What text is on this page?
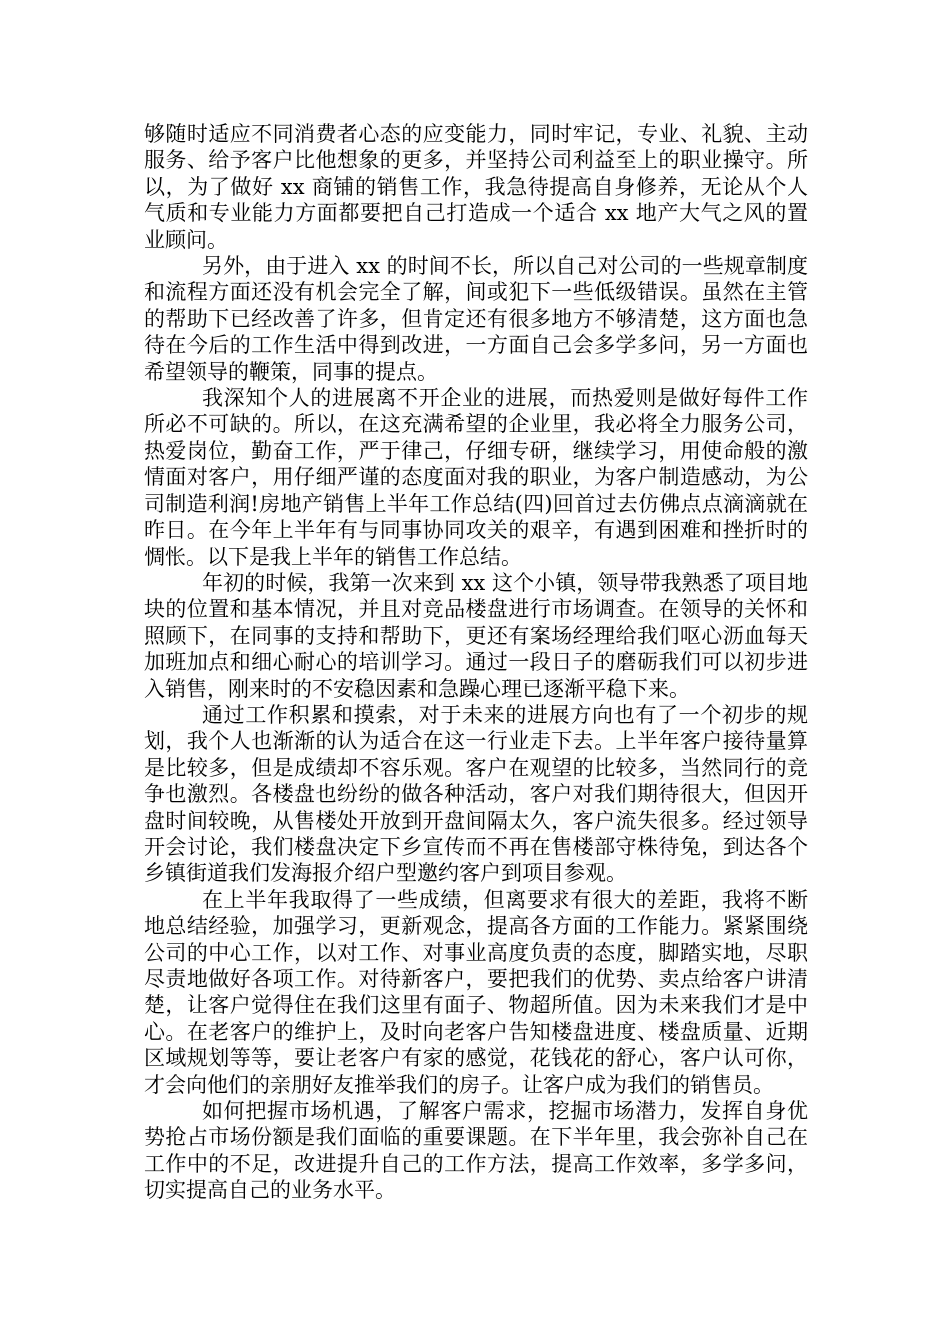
够随时适应不同消费者心态的应变能力，同时牢记，专业、礼貌、主动服务、给予客户比他想象的更多，并坚持公司利益至上的职业操守。所以，为了做好 xx 商铺的销售工作，我急待提高自身修养，无论从个人气质和专业能力方面都要把自己打造成一个适合 xx 地产大气之风的置业顾问。

另外，由于进入 xx 的时间不长，所以自己对公司的一些规章制度和流程方面还没有机会完全了解，间或犯下一些低级错误。虽然在主管的帮助下已经改善了许多，但肯定还有很多地方不够清楚，这方面也急待在今后的工作生活中得到改进，一方面自己会多学多问，另一方面也希望领导的鞭策，同事的提点。

我深知个人的进展离不开企业的进展，而热爱则是做好每件工作所必不可缺的。所以，在这充满希望的企业里，我必将全力服务公司，热爱岗位，勤奋工作，严于律己，仔细专研，继续学习，用使命般的激情面对客户，用仔细严谨的态度面对我的职业，为客户制造感动，为公司制造利润!房地产销售上半年工作总结(四)回首过去仿佛点点滴滴就在昨日。在今年上半年有与同事协同攻关的艰辛，有遇到困难和挫折时的惆怅。以下是我上半年的销售工作总结。

年初的时候，我第一次来到 xx 这个小镇，领导带我熟悉了项目地块的位置和基本情况，并且对竞品楼盘进行市场调查。在领导的关怀和照顾下，在同事的支持和帮助下，更还有案场经理给我们呕心沥血每天加班加点和细心耐心的培训学习。通过一段日子的磨砺我们可以初步进入销售，刚来时的不安稳因素和急躁心理已逐渐平稳下来。

通过工作积累和摸索，对于未来的进展方向也有了一个初步的规划，我个人也渐渐的认为适合在这一行业走下去。上半年客户接待量算是比较多，但是成绩却不容乐观。客户在观望的比较多，当然同行的竞争也激烈。各楼盘也纷纷的做各种活动，客户对我们期待很大，但因开盘时间较晚，从售楼处开放到开盘间隔太久，客户流失很多。经过领导开会讨论，我们楼盘决定下乡宣传而不再在售楼部守株待兔，到达各个乡镇街道我们发海报介绍户型邀约客户到项目参观。

在上半年我取得了一些成绩，但离要求有很大的差距，我将不断地总结经验，加强学习，更新观念，提高各方面的工作能力。紧紧围绕公司的中心工作，以对工作、对事业高度负责的态度，脚踏实地，尽职尽责地做好各项工作。对待新客户，要把我们的优势、卖点给客户讲清楚，让客户觉得住在我们这里有面子、物超所值。因为未来我们才是中心。在老客户的维护上，及时向老客户告知楼盘进度、楼盘质量、近期区域规划等等，要让老客户有家的感觉，花钱花的舒心，客户认可你，才会向他们的亲朋好友推举我们的房子。让客户成为我们的销售员。

如何把握市场机遇，了解客户需求，挖掘市场潜力，发挥自身优势抢占市场份额是我们面临的重要课题。在下半年里，我会弥补自己在工作中的不足，改进提升自己的工作方法，提高工作效率，多学多问，切实提高自己的业务水平。
